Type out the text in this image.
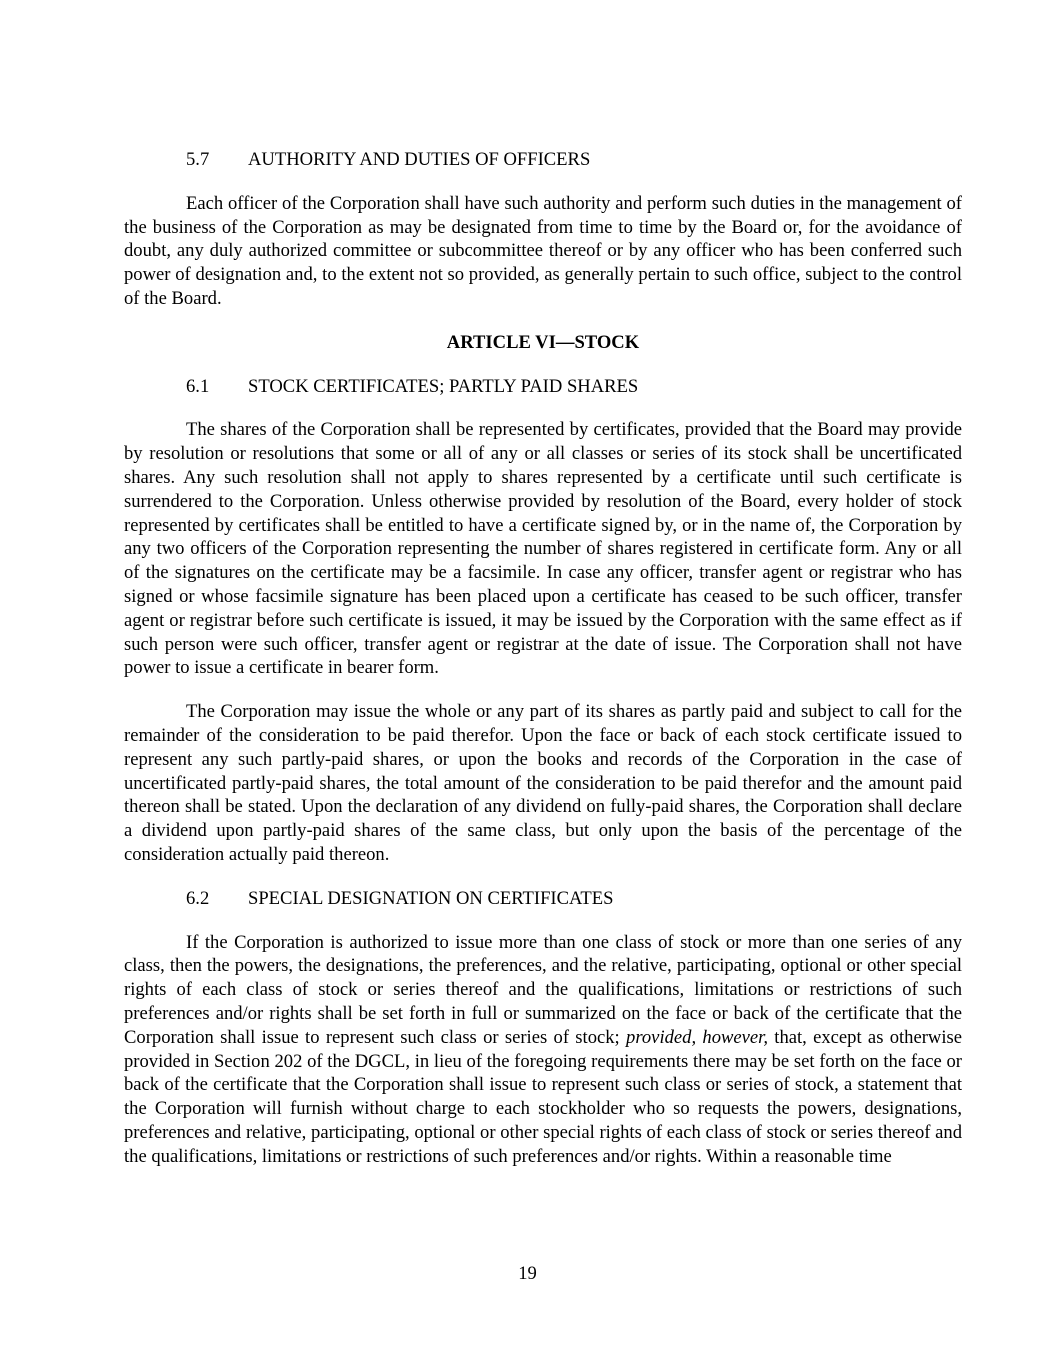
5.7 AUTHORITY AND DUTIES OF OFFICERS

Each officer of the Corporation shall have such authority and perform such duties in the management of the business of the Corporation as may be designated from time to time by the Board or, for the avoidance of doubt, any duly authorized committee or subcommittee thereof or by any officer who has been conferred such power of designation and, to the extent not so provided, as generally pertain to such office, subject to the control of the Board.

ARTICLE VI—STOCK
6.1 STOCK CERTIFICATES; PARTLY PAID SHARES

The shares of the Corporation shall be represented by certificates, provided that the Board may provide by resolution or resolutions that some or all of any or all classes or series of its stock shall be uncertificated shares. Any such resolution shall not apply to shares represented by a certificate until such certificate is surrendered to the Corporation. Unless otherwise provided by resolution of the Board, every holder of stock represented by certificates shall be entitled to have a certificate signed by, or in the name of, the Corporation by any two officers of the Corporation representing the number of shares registered in certificate form. Any or all of the signatures on the certificate may be a facsimile. In case any officer, transfer agent or registrar who has signed or whose facsimile signature has been placed upon a certificate has ceased to be such officer, transfer agent or registrar before such certificate is issued, it may be issued by the Corporation with the same effect as if such person were such officer, transfer agent or registrar at the date of issue. The Corporation shall not have power to issue a certificate in bearer form.

The Corporation may issue the whole or any part of its shares as partly paid and subject to call for the remainder of the consideration to be paid therefor. Upon the face or back of each stock certificate issued to represent any such partly-paid shares, or upon the books and records of the Corporation in the case of uncertificated partly-paid shares, the total amount of the consideration to be paid therefor and the amount paid thereon shall be stated. Upon the declaration of any dividend on fully-paid shares, the Corporation shall declare a dividend upon partly-paid shares of the same class, but only upon the basis of the percentage of the consideration actually paid thereon.

6.2 SPECIAL DESIGNATION ON CERTIFICATES

If the Corporation is authorized to issue more than one class of stock or more than one series of any class, then the powers, the designations, the preferences, and the relative, participating, optional or other special rights of each class of stock or series thereof and the qualifications, limitations or restrictions of such preferences and/or rights shall be set forth in full or summarized on the face or back of the certificate that the Corporation shall issue to represent such class or series of stock; provided, however, that, except as otherwise provided in Section 202 of the DGCL, in lieu of the foregoing requirements there may be set forth on the face or back of the certificate that the Corporation shall issue to represent such class or series of stock, a statement that the Corporation will furnish without charge to each stockholder who so requests the powers, designations, preferences and relative, participating, optional or other special rights of each class of stock or series thereof and the qualifications, limitations or restrictions of such preferences and/or rights. Within a reasonable time

19
